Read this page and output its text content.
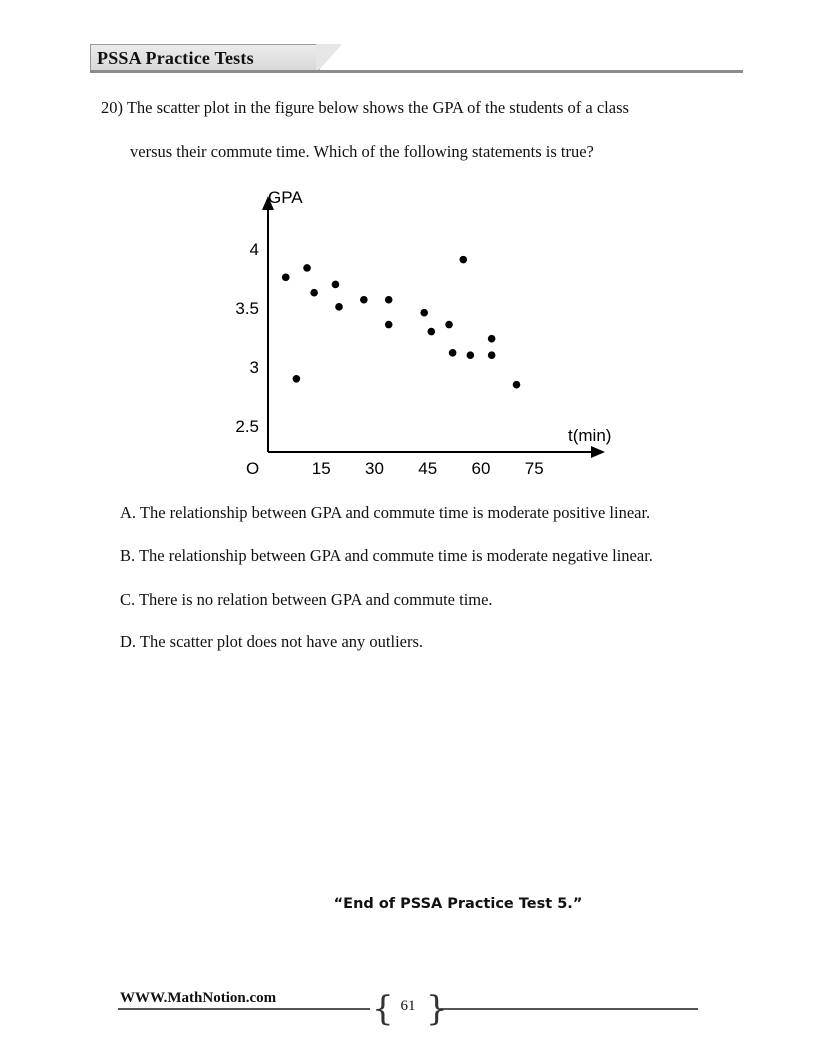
PSSA Practice Tests
20) The scatter plot in the figure below shows the GPA of the students of a class
versus their commute time. Which of the following statements is true?
GPA
t(min)
O	15 30 45 60 75
2.5
3
3.5
4
A. The relationship between GPA and commute time is moderate positive linear.
B. The relationship between GPA and commute time is moderate negative linear.
C. There is no relation between GPA and commute time.
D. The scatter plot does not have any outliers.
“End of PSSA Practice Test 5.”
WWW.MathNotion.com	{ }
61
